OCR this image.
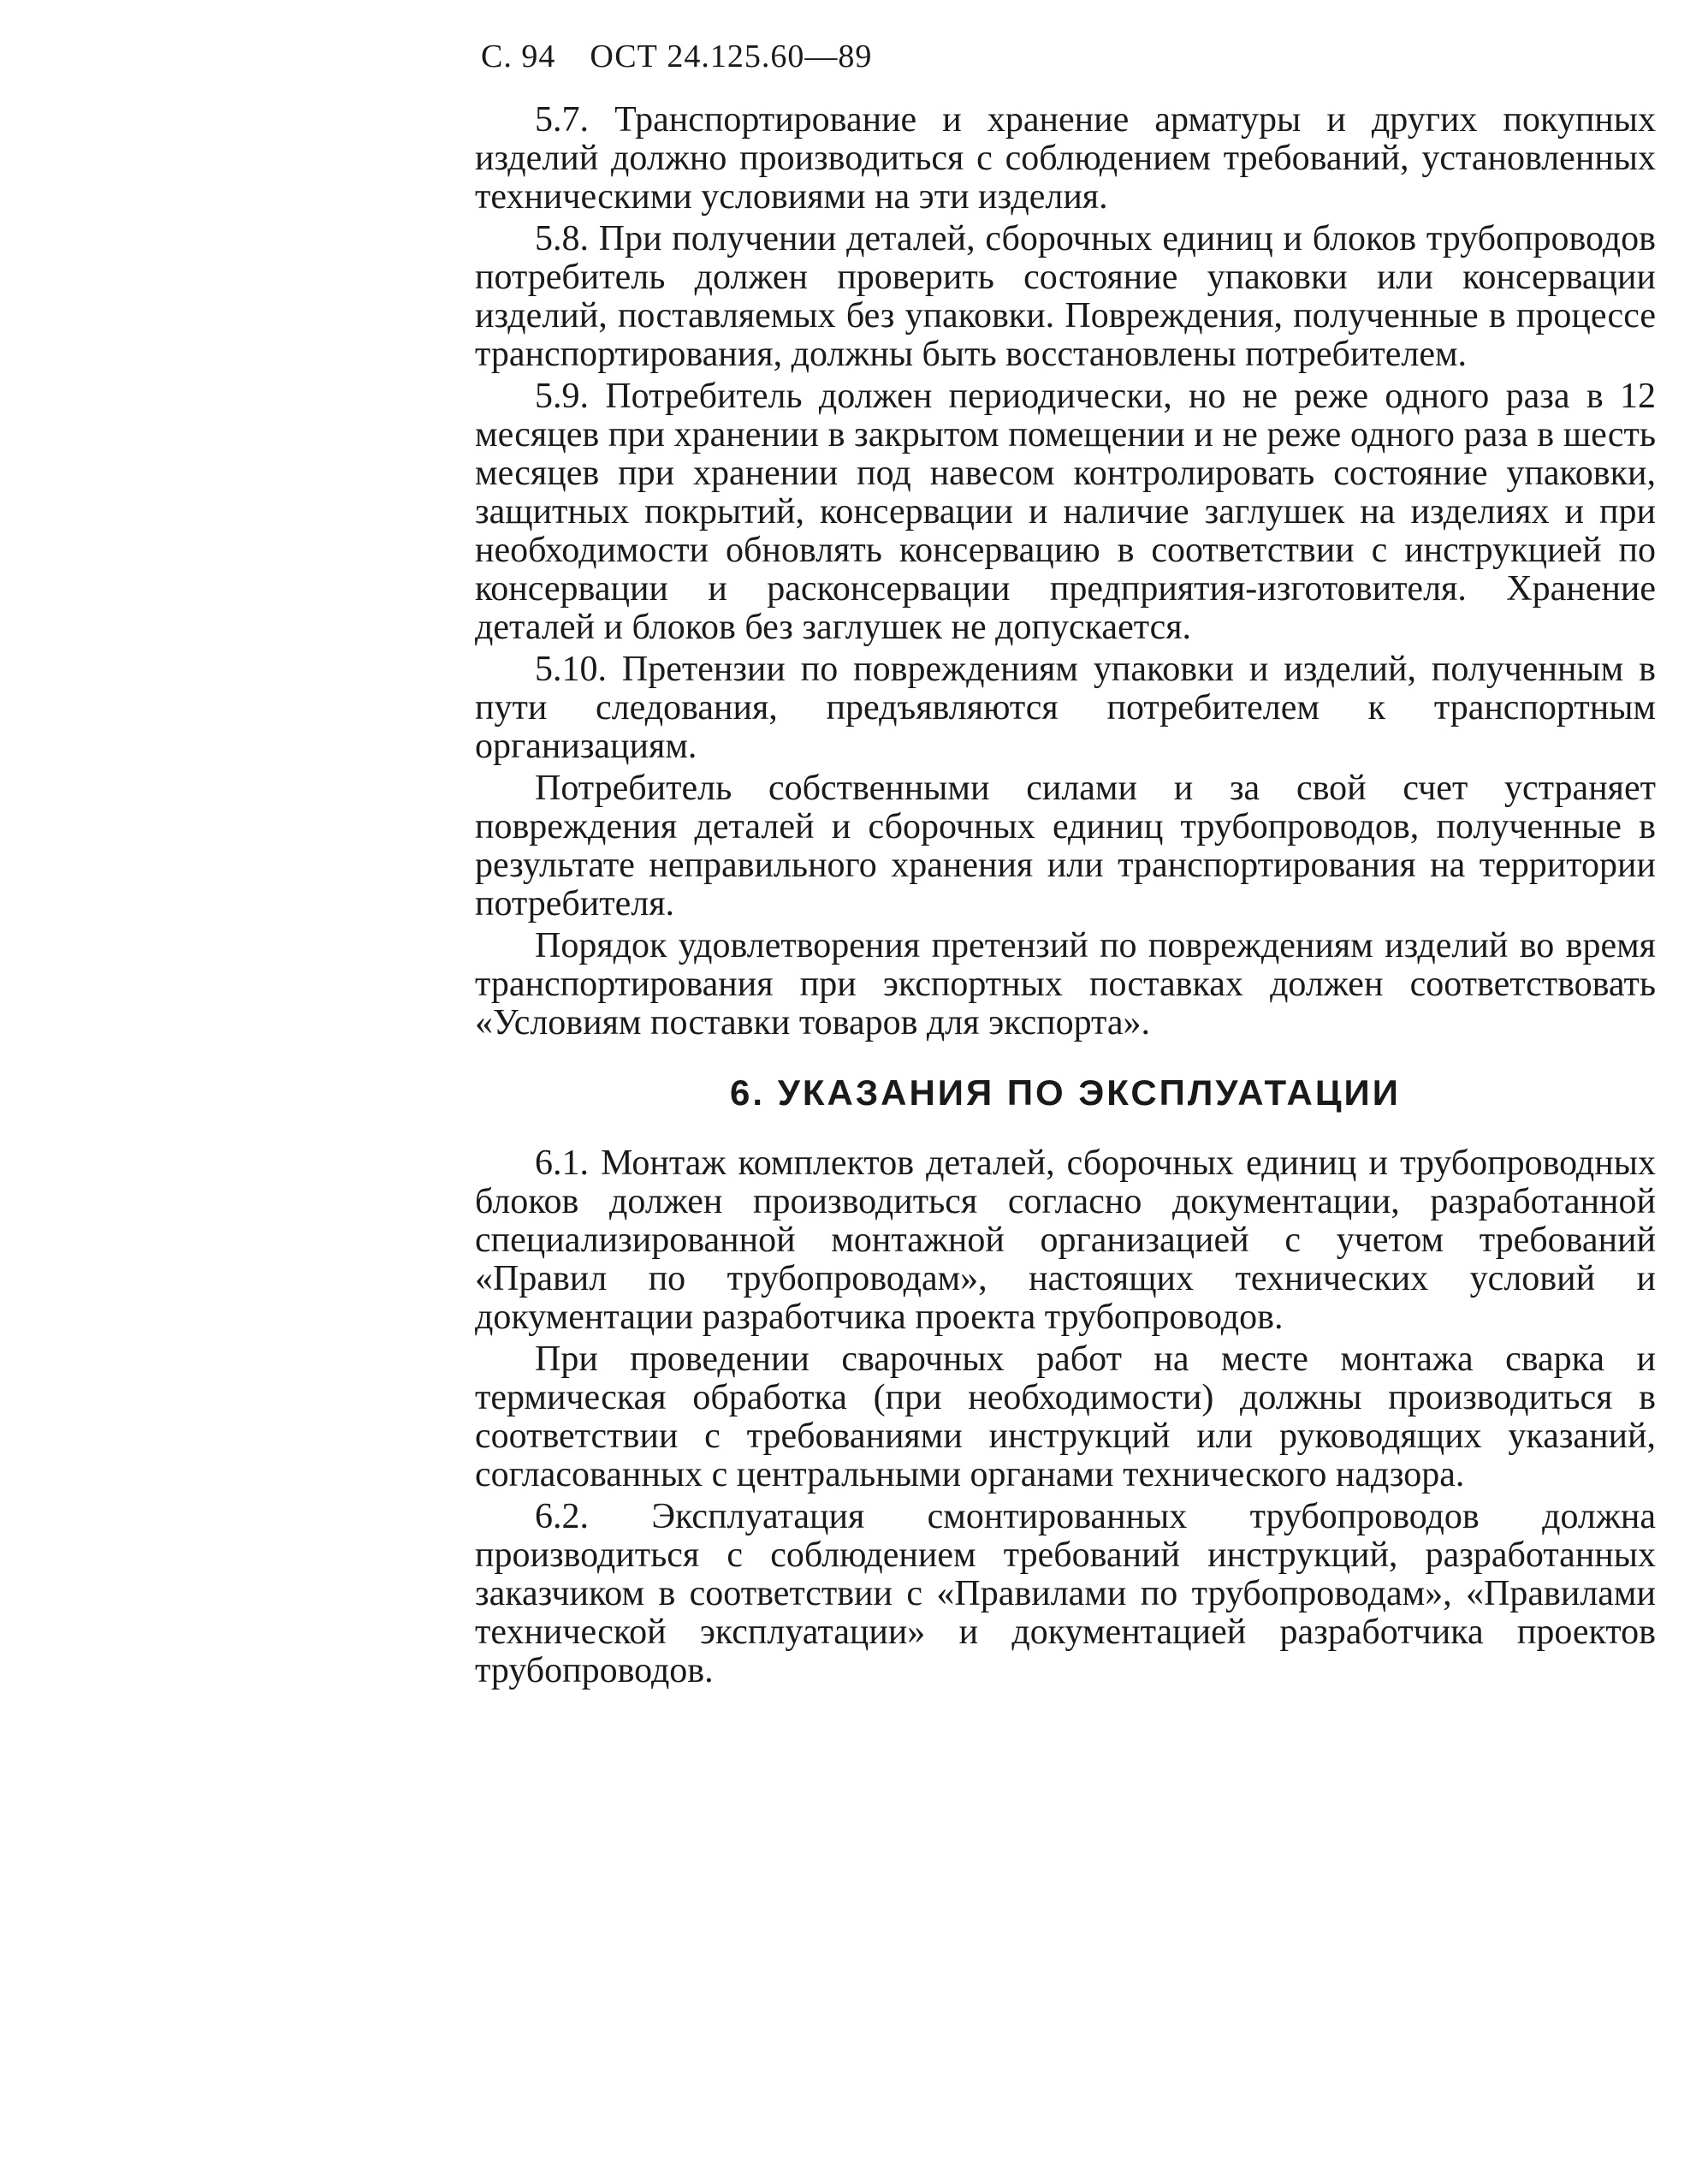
С. 94 ОСТ 24.125.60—89

5.7. Транспортирование и хранение арматуры и других покупных изделий должно производиться с соблюдением требований, установленных техническими условиями на эти изделия.

5.8. При получении деталей, сборочных единиц и блоков трубопроводов потребитель должен проверить состояние упаковки или консервации изделий, поставляемых без упаковки. Повреждения, полученные в процессе транспортирования, должны быть восстановлены потребителем.

5.9. Потребитель должен периодически, но не реже одного раза в 12 месяцев при хранении в закрытом помещении и не реже одного раза в шесть месяцев при хранении под навесом контролировать состояние упаковки, защитных покрытий, консервации и наличие заглушек на изделиях и при необходимости обновлять консервацию в соответствии с инструкцией по консервации и расконсервации предприятия-изготовителя. Хранение деталей и блоков без заглушек не допускается.

5.10. Претензии по повреждениям упаковки и изделий, полученным в пути следования, предъявляются потребителем к транспортным организациям.

Потребитель собственными силами и за свой счет устраняет повреждения деталей и сборочных единиц трубопроводов, полученные в результате неправильного хранения или транспортирования на территории потребителя.

Порядок удовлетворения претензий по повреждениям изделий во время транспортирования при экспортных поставках должен соответствовать «Условиям поставки товаров для экспорта».

6. УКАЗАНИЯ ПО ЭКСПЛУАТАЦИИ

6.1. Монтаж комплектов деталей, сборочных единиц и трубопроводных блоков должен производиться согласно документации, разработанной специализированной монтажной организацией с учетом требований «Правил по трубопроводам», настоящих технических условий и документации разработчика проекта трубопроводов.

При проведении сварочных работ на месте монтажа сварка и термическая обработка (при необходимости) должны производиться в соответствии с требованиями инструкций или руководящих указаний, согласованных с центральными органами технического надзора.

6.2. Эксплуатация смонтированных трубопроводов должна производиться с соблюдением требований инструкций, разработанных заказчиком в соответствии с «Правилами по трубопроводам», «Правилами технической эксплуатации» и документацией разработчика проектов трубопроводов.
